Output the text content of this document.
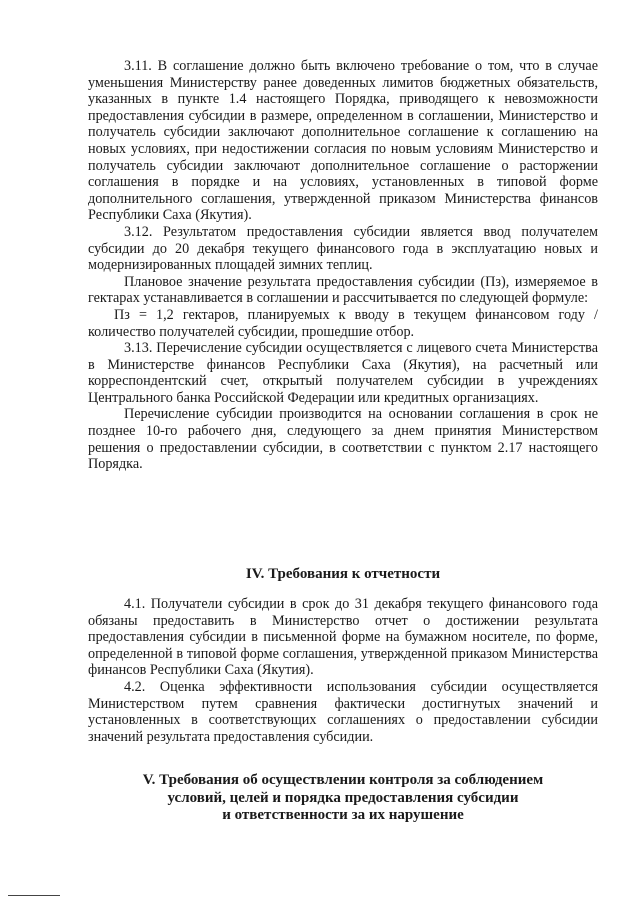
3.11. В соглашение должно быть включено требование о том, что в случае уменьшения Министерству ранее доведенных лимитов бюджетных обязательств, указанных в пункте 1.4 настоящего Порядка, приводящего к невозможности предоставления субсидии в размере, определенном в соглашении, Министерство и получатель субсидии заключают дополнительное соглашение к соглашению на новых условиях, при недостижении согласия по новым условиям Министерство и получатель субсидии заключают дополнительное соглашение о расторжении соглашения в порядке и на условиях, установленных в типовой форме дополнительного соглашения, утвержденной приказом Министерства финансов Республики Саха (Якутия).

3.12. Результатом предоставления субсидии является ввод получателем субсидии до 20 декабря текущего финансового года в эксплуатацию новых и модернизированных площадей зимних теплиц.

Плановое значение результата предоставления субсидии (Пз), измеряемое в гектарах устанавливается в соглашении и рассчитывается по следующей формуле:

Пз = 1,2 гектаров, планируемых к вводу в текущем финансовом году /количество получателей субсидии, прошедшие отбор.

3.13. Перечисление субсидии осуществляется с лицевого счета Министерства в Министерстве финансов Республики Саха (Якутия), на расчетный или корреспондентский счет, открытый получателем субсидии в учреждениях Центрального банка Российской Федерации или кредитных организациях.

Перечисление субсидии производится на основании соглашения в срок не позднее 10-го рабочего дня, следующего за днем принятия Министерством решения о предоставлении субсидии, в соответствии с пунктом 2.17 настоящего Порядка.

IV. Требования к отчетности

4.1. Получатели субсидии в срок до 31 декабря текущего финансового года обязаны предоставить в Министерство отчет о достижении результата предоставления субсидии в письменной форме на бумажном носителе, по форме, определенной в типовой форме соглашения, утвержденной приказом Министерства финансов Республики Саха (Якутия).

4.2. Оценка эффективности использования субсидии осуществляется Министерством путем сравнения фактически достигнутых значений и установленных в соответствующих соглашениях о предоставлении субсидии значений результата предоставления субсидии.

V. Требования об осуществлении контроля за соблюдением
условий, целей и порядка предоставления субсидии
и ответственности за их нарушение
